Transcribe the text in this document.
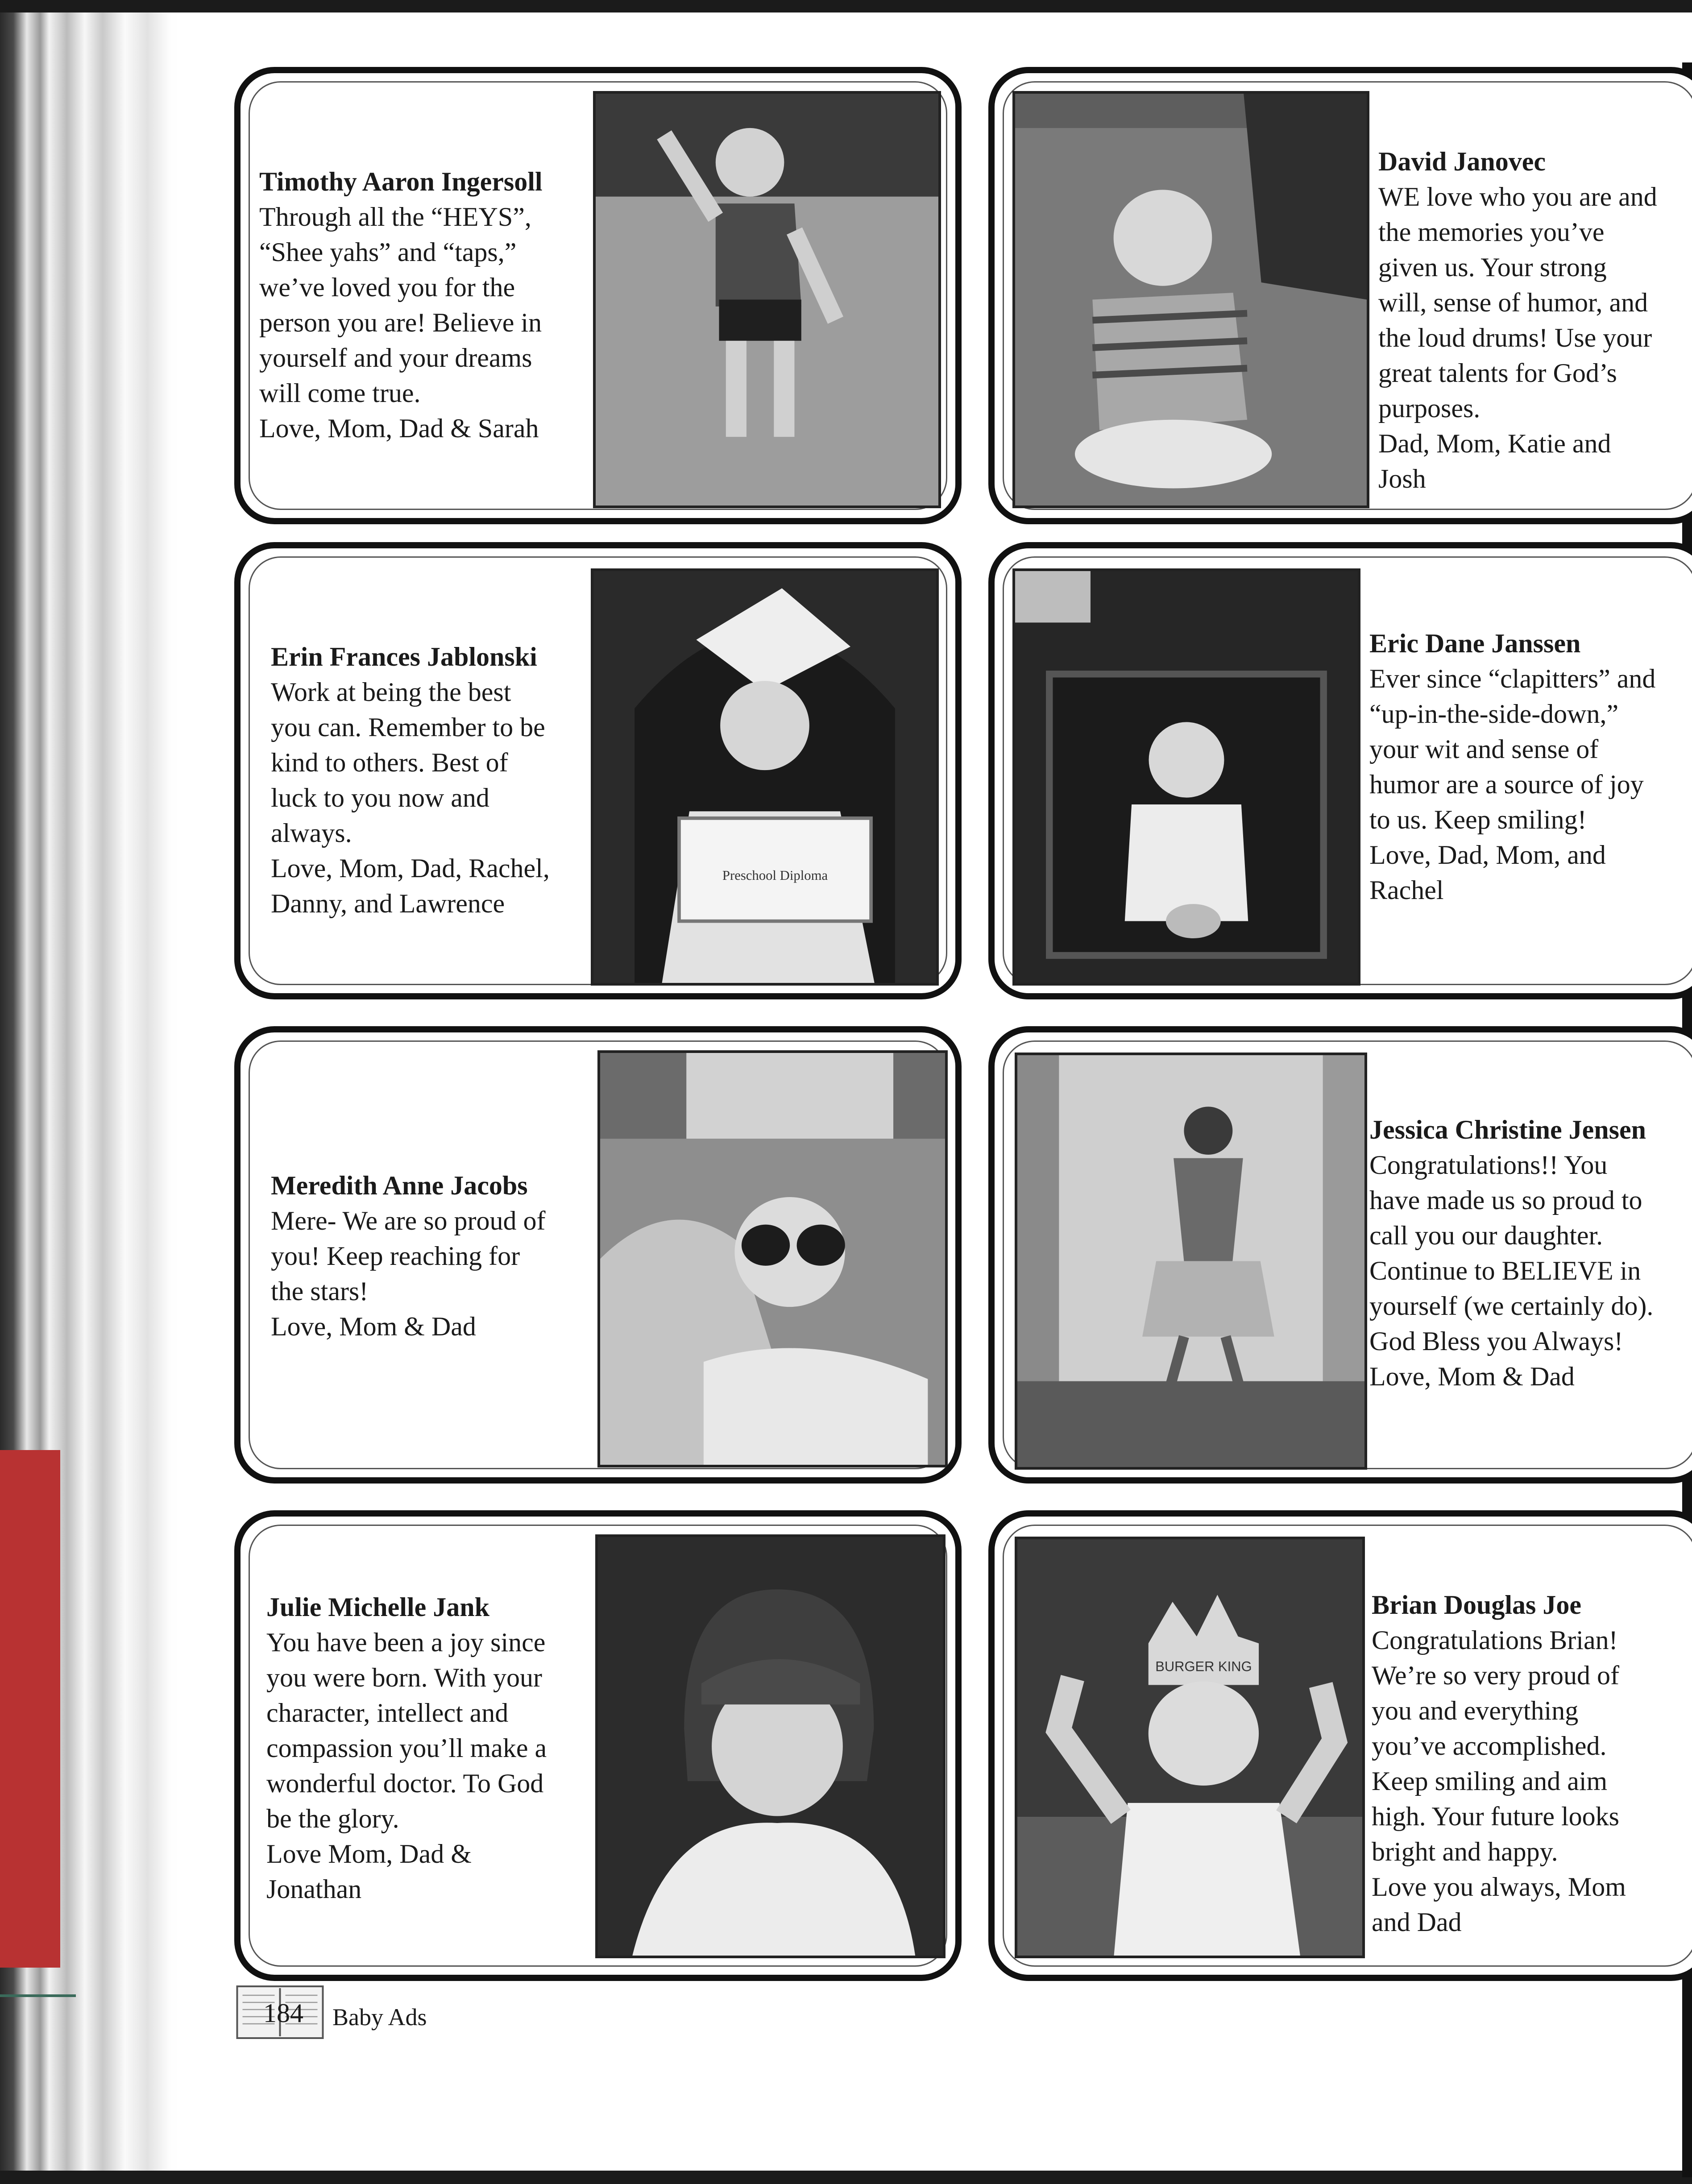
Timothy Aaron Ingersoll
Through all the “HEYS”,
“Shee yahs” and “taps,”
we’ve loved you for the
person you are! Believe in
yourself and your dreams
will come true.
Love, Mom, Dad & Sarah

David Janovec
WE love who you are and
the memories you’ve
given us. Your strong
will, sense of humor, and
the loud drums! Use your
great talents for God’s
purposes.
Dad, Mom, Katie and
Josh

Erin Frances Jablonski
Work at being the best
you can. Remember to be
kind to others. Best of
luck to you now and
always.
Love, Mom, Dad, Rachel,
Danny, and Lawrence

Preschool Diploma

Eric Dane Janssen
Ever since “clapitters” and
“up-in-the-side-down,”
your wit and sense of
humor are a source of joy
to us. Keep smiling!
Love, Dad, Mom, and
Rachel

Meredith Anne Jacobs
Mere- We are so proud of
you! Keep reaching for
the stars!
Love, Mom & Dad

Jessica Christine Jensen
Congratulations!! You
have made us so proud to
call you our daughter.
Continue to BELIEVE in
yourself (we certainly do).
God Bless you Always!
Love, Mom & Dad

Julie Michelle Jank
You have been a joy since
you were born. With your
character, intellect and
compassion you’ll make a
wonderful doctor. To God
be the glory.
Love Mom, Dad &
Jonathan

BURGER KING

Brian Douglas Joe
Congratulations Brian!
We’re so very proud of
you and everything
you’ve accomplished.
Keep smiling and aim
high. Your future looks
bright and happy.
Love you always, Mom
and Dad

184 Baby Ads
